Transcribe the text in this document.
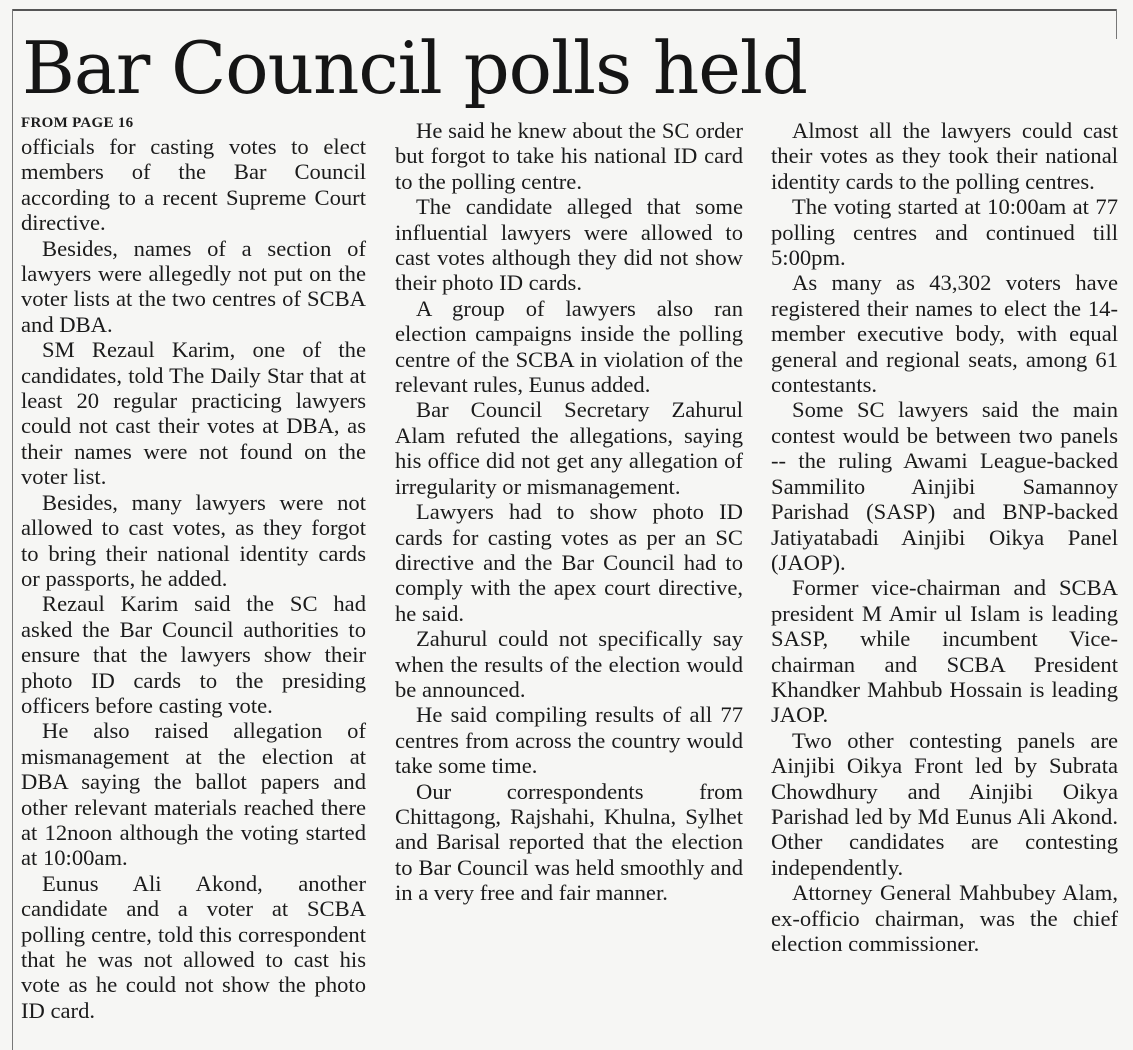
Bar Council polls held
FROM PAGE 16

officials for casting votes to elect members of the Bar Council according to a recent Supreme Court directive.

Besides, names of a section of lawyers were allegedly not put on the voter lists at the two centres of SCBA and DBA.

SM Rezaul Karim, one of the candidates, told The Daily Star that at least 20 regular practicing lawyers could not cast their votes at DBA, as their names were not found on the voter list.

Besides, many lawyers were not allowed to cast votes, as they forgot to bring their national identity cards or passports, he added.

Rezaul Karim said the SC had asked the Bar Council authorities to ensure that the lawyers show their photo ID cards to the presiding officers before casting vote.

He also raised allegation of mismanagement at the election at DBA saying the ballot papers and other relevant materials reached there at 12noon although the voting started at 10:00am.

Eunus Ali Akond, another candidate and a voter at SCBA polling centre, told this correspondent that he was not allowed to cast his vote as he could not show the photo ID card.

He said he knew about the SC order but forgot to take his national ID card to the polling centre.

The candidate alleged that some influential lawyers were allowed to cast votes although they did not show their photo ID cards.

A group of lawyers also ran election campaigns inside the polling centre of the SCBA in violation of the relevant rules, Eunus added.

Bar Council Secretary Zahurul Alam refuted the allegations, saying his office did not get any allegation of irregularity or mismanagement.

Lawyers had to show photo ID cards for casting votes as per an SC directive and the Bar Council had to comply with the apex court directive, he said.

Zahurul could not specifically say when the results of the election would be announced.

He said compiling results of all 77 centres from across the country would take some time.

Our correspondents from Chittagong, Rajshahi, Khulna, Sylhet and Barisal reported that the election to Bar Council was held smoothly and in a very free and fair manner.

Almost all the lawyers could cast their votes as they took their national identity cards to the polling centres.

The voting started at 10:00am at 77 polling centres and continued till 5:00pm.

As many as 43,302 voters have registered their names to elect the 14-member executive body, with equal general and regional seats, among 61 contestants.

Some SC lawyers said the main contest would be between two panels -- the ruling Awami League-backed Sammilito Ainjibi Samannoy Parishad (SASP) and BNP-backed Jatiyatabadi Ainjibi Oikya Panel (JAOP).

Former vice-chairman and SCBA president M Amir ul Islam is leading SASP, while incumbent Vice-chairman and SCBA President Khandker Mahbub Hossain is leading JAOP.

Two other contesting panels are Ainjibi Oikya Front led by Subrata Chowdhury and Ainjibi Oikya Parishad led by Md Eunus Ali Akond. Other candidates are contesting independently.

Attorney General Mahbubey Alam, ex-officio chairman, was the chief election commissioner.
